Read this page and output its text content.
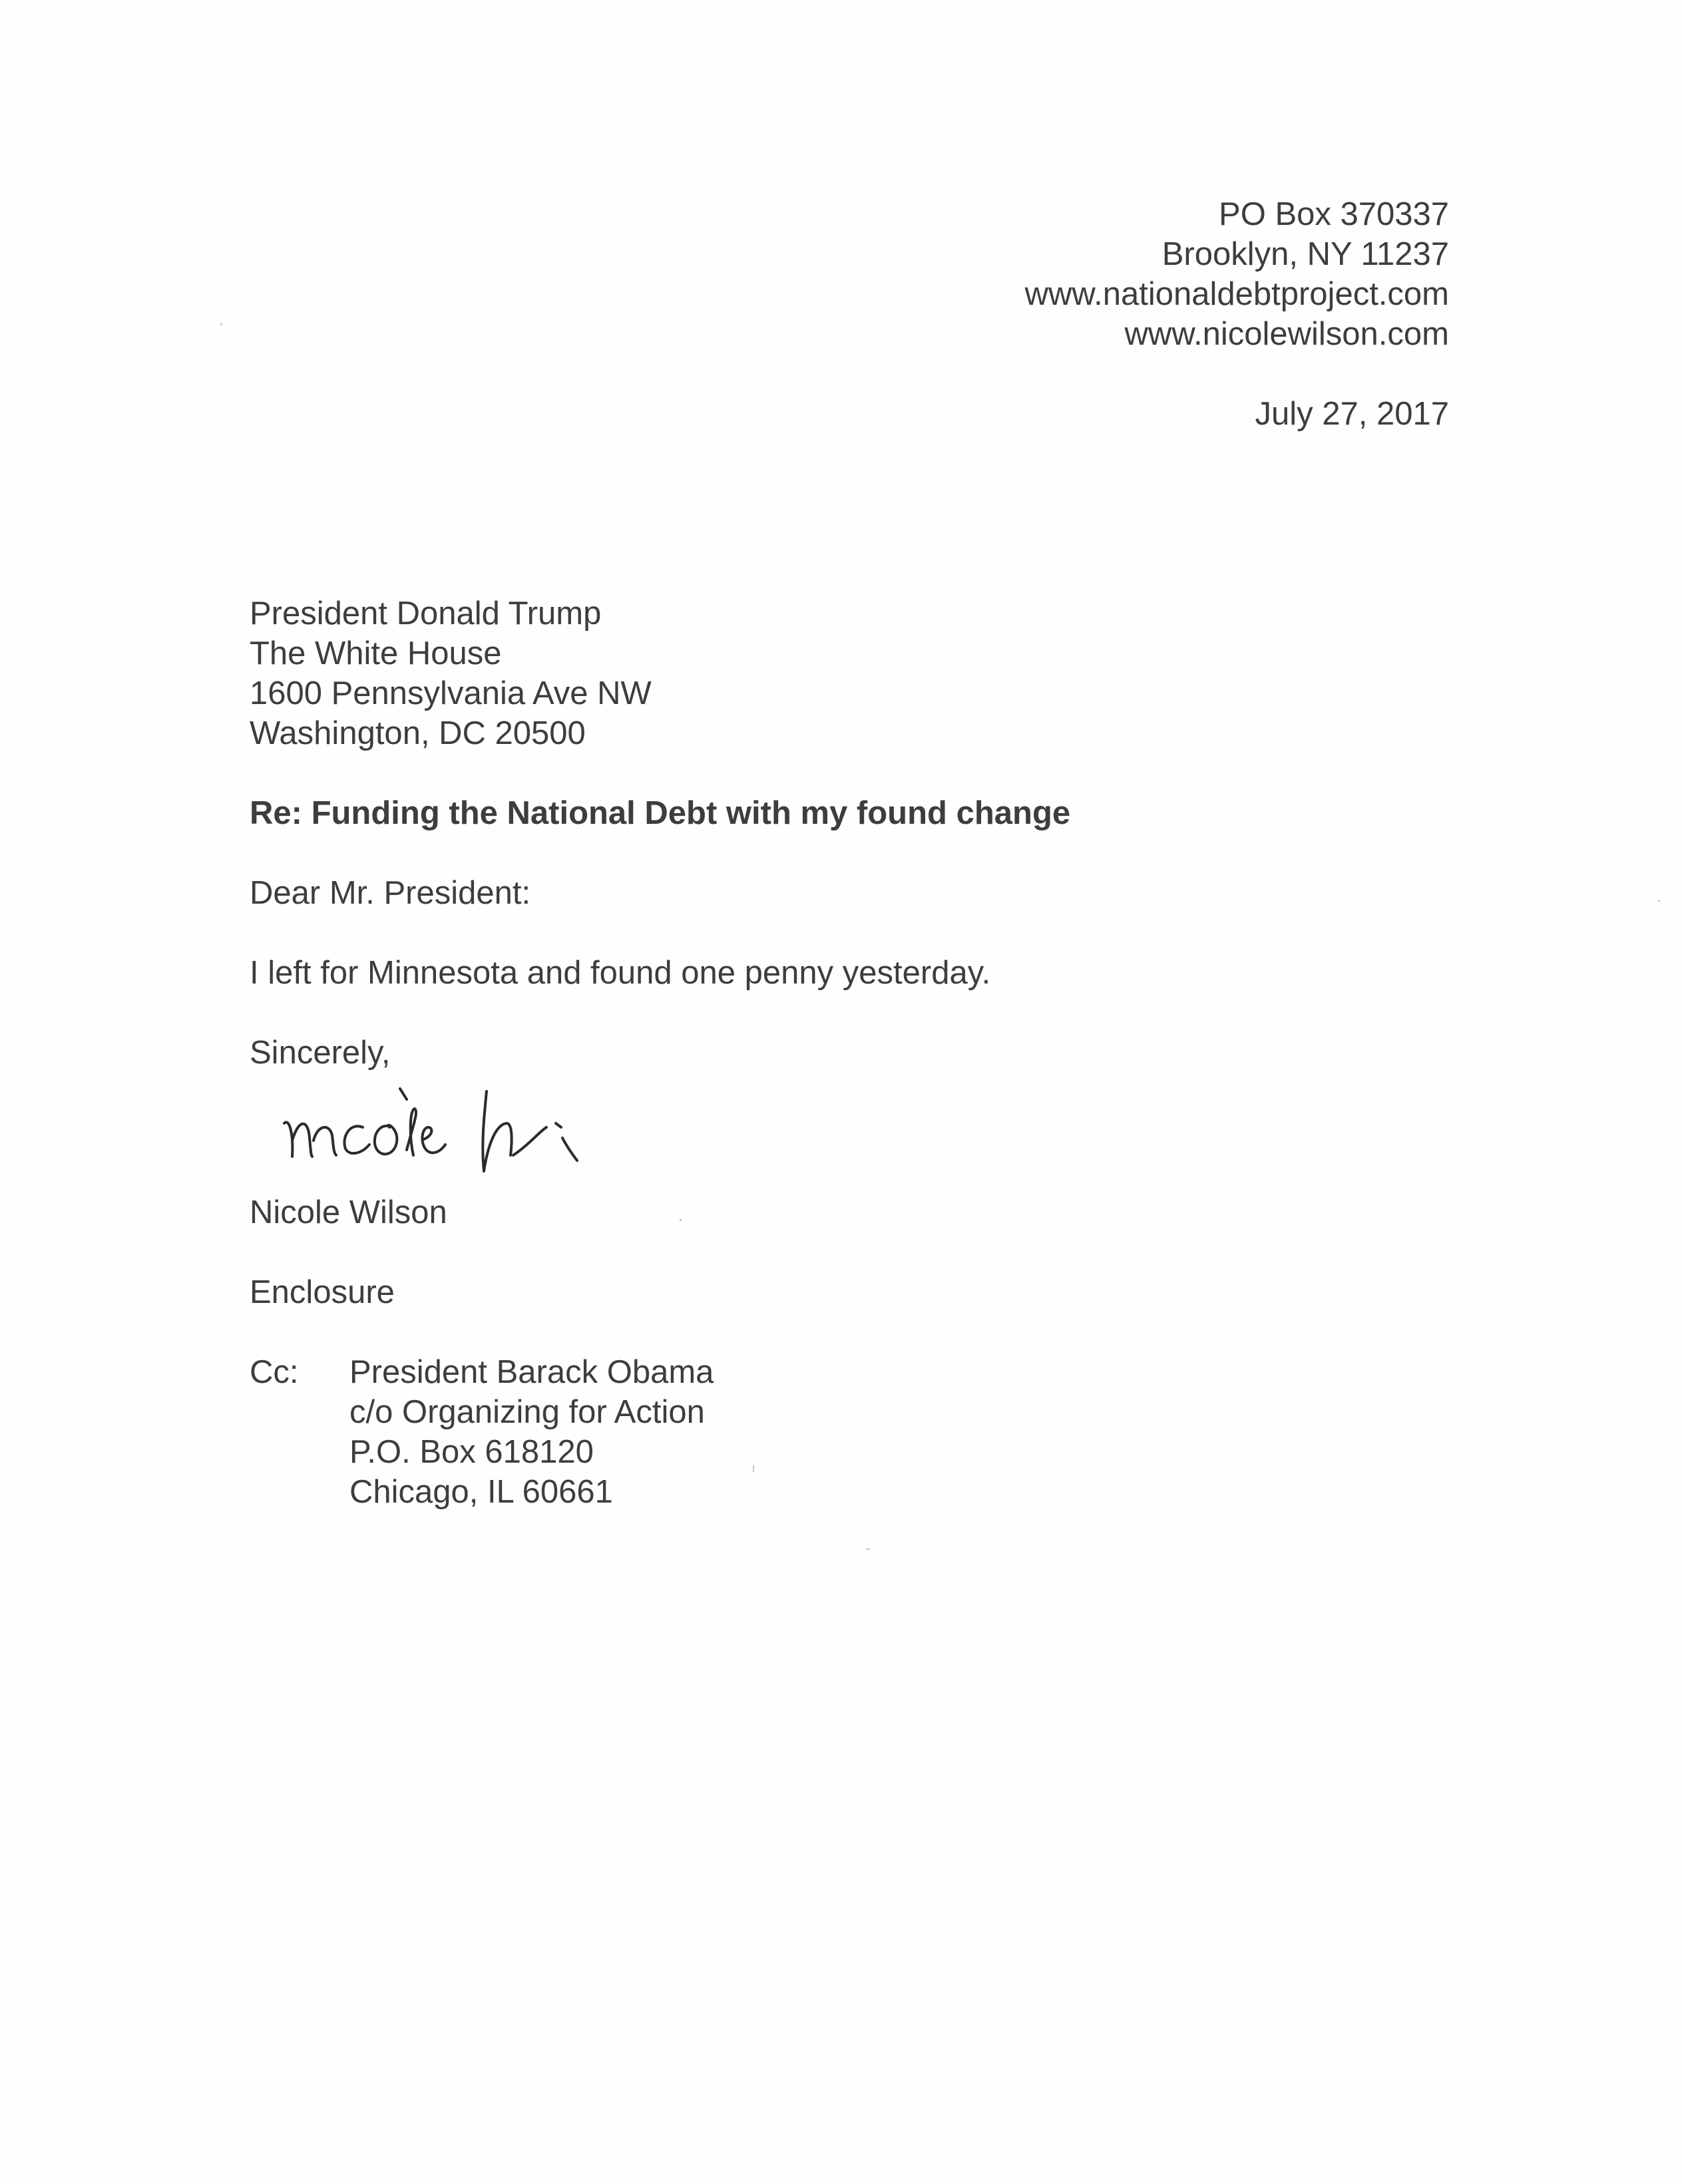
PO Box 370337
Brooklyn, NY 11237
www.nationaldebtproject.com
www.nicolewilson.com
July 27, 2017
President Donald Trump
The White House
1600 Pennsylvania Ave NW
Washington, DC 20500
Re: Funding the National Debt with my found change
Dear Mr. President:
I left for Minnesota and found one penny yesterday.
Sincerely,
Nicole Wilson
Enclosure
Cc: President Barack Obama
c/o Organizing for Action
P.O. Box 618120
Chicago, IL 60661
